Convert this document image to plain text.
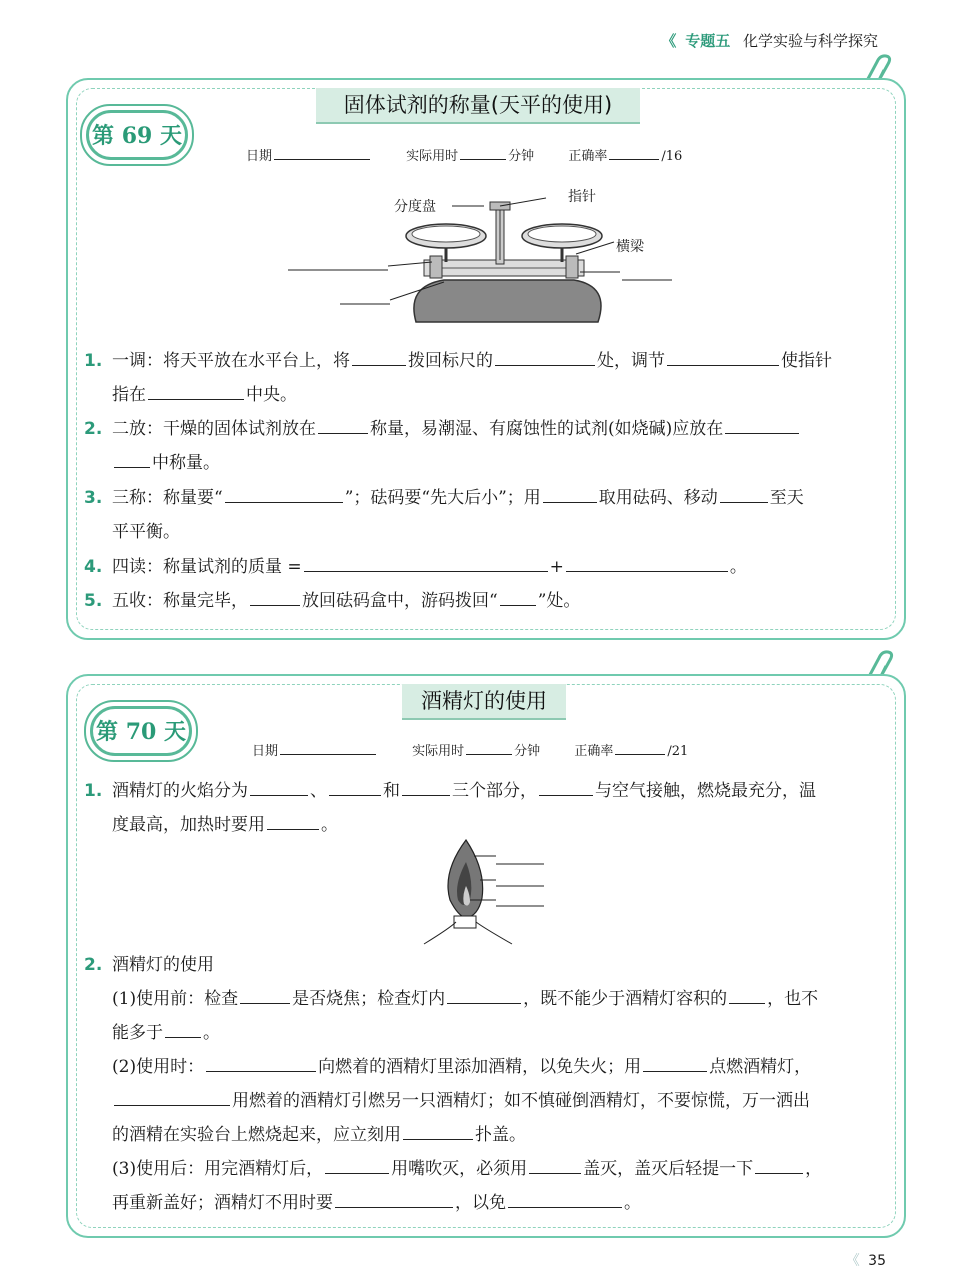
《 专题五 化学实验与科学探究
固体试剂的称量(天平的使用)
第 69 天
日期	实际用时	分钟	正确率	/16
分度盘
指针
横梁
1. 一调：将天平放在水平台上，将	拨回标尺的	处，调节	使指针
指在	中央。
2. 二放：干燥的固体试剂放在	称量，易潮湿、有腐蚀性的试剂(如烧碱)应放在
中称量。
3. 三称：称量要“	”；砝码要“先大后小”；用	取用砝码、移动	至天
平平衡。
4. 四读：称量试剂的质量 =	+	。
5. 五收：称量完毕，	放回砝码盒中，游码拨回“ ”处。
酒精灯的使用
第 70 天
日期	实际用时	分钟	正确率	/21
1. 酒精灯的火焰分为	、	和	三个部分，	与空气接触，燃烧最充分，温
度最高，加热时要用	。
2. 酒精灯的使用
(1)使用前：检查	是否烧焦；检查灯内	，既不能少于酒精灯容积的 ，也不
能多于 。
(2)使用时：	向燃着的酒精灯里添加酒精，以免失火；用	点燃酒精灯，
用燃着的酒精灯引燃另一只酒精灯；如不慎碰倒酒精灯，不要惊慌，万一洒出
的酒精在实验台上燃烧起来，应立刻用	扑盖。
(3)使用后：用完酒精灯后，	用嘴吹灭，必须用	盖灭，盖灭后轻提一下	，
再重新盖好；酒精灯不用时要	，以免	。
《 35
